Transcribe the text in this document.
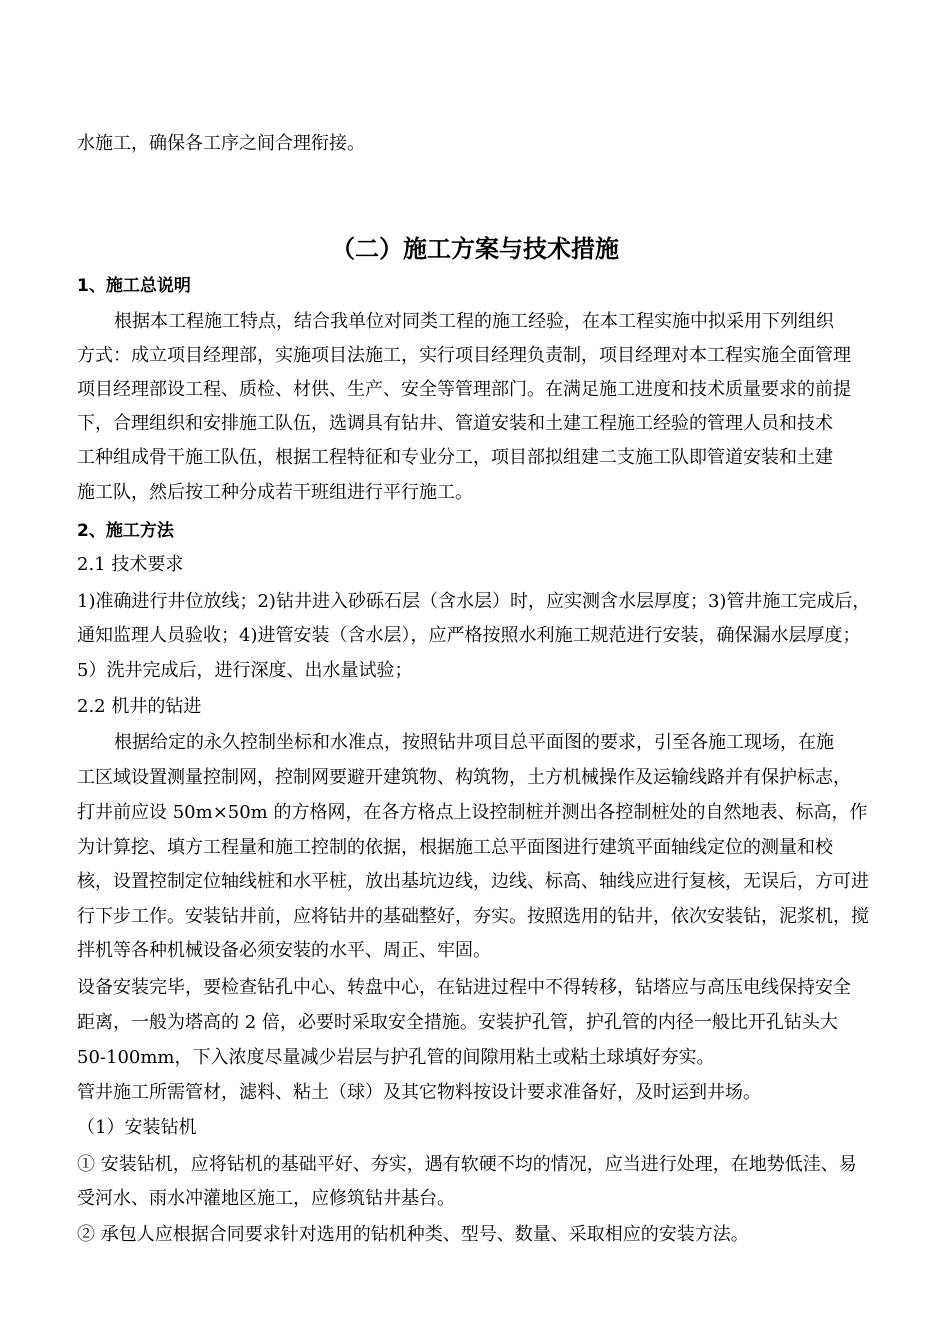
水施工，确保各工序之间合理衔接。
（二）施工方案与技术措施
1、施工总说明
根据本工程施工特点，结合我单位对同类工程的施工经验，在本工程实施中拟采用下列组织
方式：成立项目经理部，实施项目法施工，实行项目经理负责制，项目经理对本工程实施全面管理
项目经理部设工程、质检、材供、生产、安全等管理部门。在满足施工进度和技术质量要求的前提
下，合理组织和安排施工队伍，选调具有钻井、管道安装和土建工程施工经验的管理人员和技术
工种组成骨干施工队伍，根据工程特征和专业分工，项目部拟组建二支施工队即管道安装和土建
施工队，然后按工种分成若干班组进行平行施工。
2、施工方法
2.1 技术要求
1)准确进行井位放线；2)钻井进入砂砾石层（含水层）时，应实测含水层厚度；3)管井施工完成后，
通知监理人员验收；4)进管安装（含水层），应严格按照水利施工规范进行安装，确保漏水层厚度；
5）洗井完成后，进行深度、出水量试验；
2.2 机井的钻进
根据给定的永久控制坐标和水准点，按照钻井项目总平面图的要求，引至各施工现场，在施
工区域设置测量控制网，控制网要避开建筑物、构筑物，土方机械操作及运输线路并有保护标志，
打井前应设 50m×50m 的方格网，在各方格点上设控制桩并测出各控制桩处的自然地表、标高，作
为计算挖、填方工程量和施工控制的依据，根据施工总平面图进行建筑平面轴线定位的测量和校
核，设置控制定位轴线桩和水平桩，放出基坑边线，边线、标高、轴线应进行复核，无误后，方可进
行下步工作。安装钻井前，应将钻井的基础整好，夯实。按照选用的钻井，依次安装钻，泥浆机，搅
拌机等各种机械设备必须安装的水平、周正、牢固。
设备安装完毕，要检查钻孔中心、转盘中心，在钻进过程中不得转移，钻塔应与高压电线保持安全
距离，一般为塔高的 2 倍，必要时采取安全措施。安装护孔管，护孔管的内径一般比开孔钻头大
50-100mm，下入浓度尽量减少岩层与护孔管的间隙用粘土或粘土球填好夯实。
管井施工所需管材，滤料、粘土（球）及其它物料按设计要求准备好，及时运到井场。
（1）安装钻机
① 安装钻机，应将钻机的基础平好、夯实，遇有软硬不均的情况，应当进行处理，在地势低洼、易
受河水、雨水冲灌地区施工，应修筑钻井基台。
② 承包人应根据合同要求针对选用的钻机种类、型号、数量、采取相应的安装方法。
